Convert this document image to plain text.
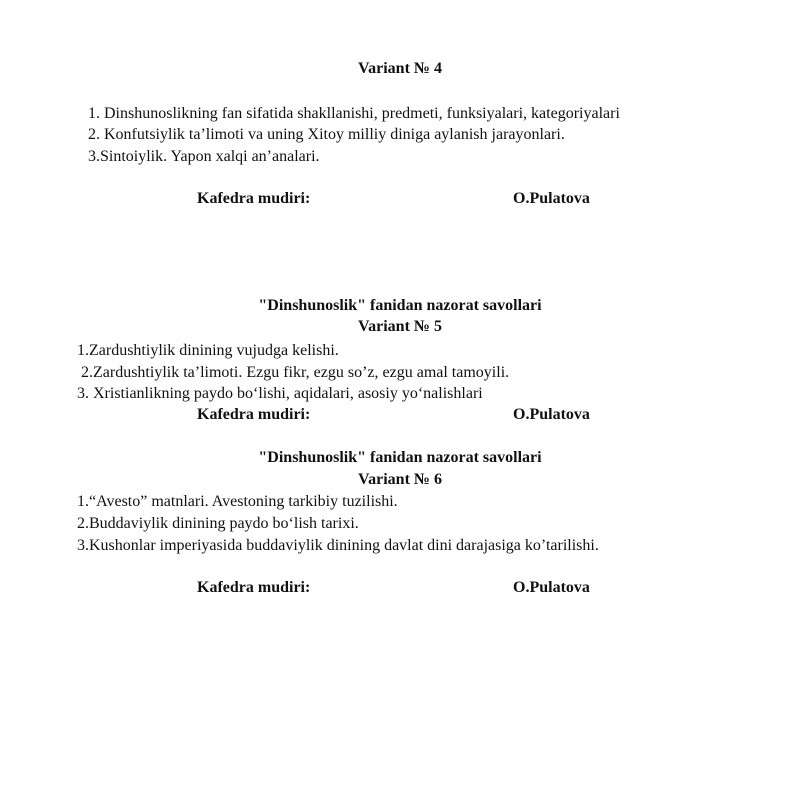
Variant № 4
1. Dinshunoslikning fan sifatida shakllanishi, predmeti, funksiyalari, kategoriyalari
2. Konfutsiylik ta’limoti va uning Xitoy milliy diniga aylanish jarayonlari.
3.Sintoiylik. Yapon xalqi an’analari.
Kafedra mudiri:	O.Pulatova
"Dinshunoslik" fanidan nazorat savollari
Variant № 5
1.Zardushtiylik dinining vujudga kelishi.
2.Zardushtiylik ta’limoti. Ezgu fikr, ezgu so’z, ezgu amal tamoyili.
3. Xristianlikning paydo bo‘lishi, aqidalari, asosiy yo‘nalishlari
Kafedra mudiri:	O.Pulatova
"Dinshunoslik" fanidan nazorat savollari
Variant № 6
1.“Avesto” matnlari. Avestoning tarkibiy tuzilishi.
2.Buddaviylik dinining paydo bo‘lish tarixi.
3.Kushonlar imperiyasida buddaviylik dinining davlat dini darajasiga ko’tarilishi.
Kafedra mudiri:	O.Pulatova
